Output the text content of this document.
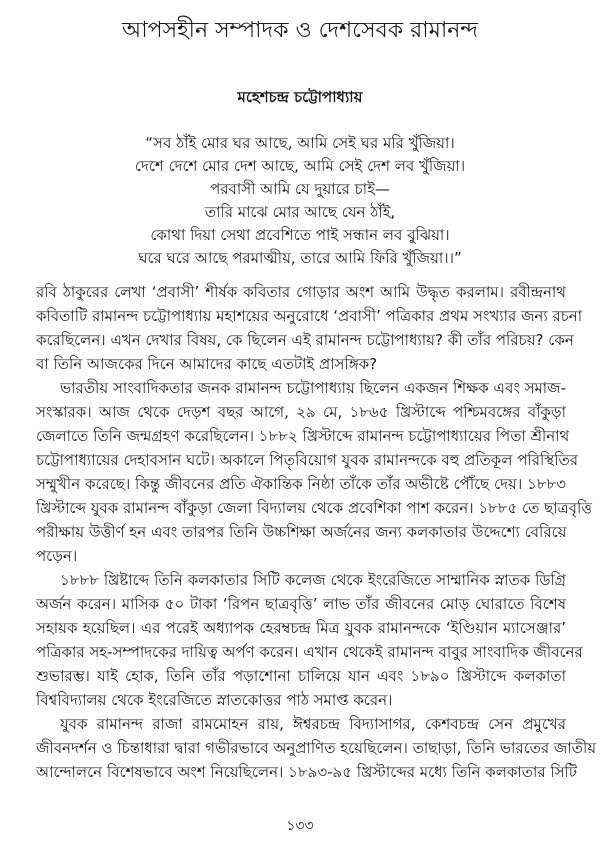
আপসহীন সম্পাদক ও দেশসেবক রামানন্দ
মহেশচন্দ্র চট্টোপাধ্যায়
“সব ঠাঁই মোর ঘর আছে, আমি সেই ঘর মরি খুঁজিয়া।
দেশে দেশে মোর দেশ আছে, আমি সেই দেশ লব খুঁজিয়া।
পরবাসী আমি যে দুয়ারে চাই—
তারি মাঝে মোর আছে যেন ঠাঁই,
কোথা দিয়া সেথা প্রবেশিতে পাই সন্ধান লব বুঝিয়া।
ঘরে ঘরে আছে পরমাত্মীয়, তারে আমি ফিরি খুঁজিয়া।।”
রবি ঠাকুরের লেখা ‘প্রবাসী’ শীর্ষক কবিতার গোড়ার অংশ আমি উদ্ধৃত করলাম। রবীন্দ্রনাথ
কবিতাটি রামানন্দ চট্টোপাধ্যায় মহাশয়ের অনুরোধে ‘প্রবাসী’ পত্রিকার প্রথম সংখ্যার জন্য রচনা
করেছিলেন। এখন দেখার বিষয়, কে ছিলেন এই রামানন্দ চট্টোপাধ্যায়? কী তাঁর পরিচয়? কেন
বা তিনি আজকের দিনে আমাদের কাছে এতটাই প্রাসঙ্গিক?
ভারতীয় সাংবাদিকতার জনক রামানন্দ চট্টোপাধ্যায় ছিলেন একজন শিক্ষক এবং সমাজ-
সংস্কারক। আজ থেকে দেড়শ বছর আগে, ২৯ মে, ১৮৬৫ খ্রিস্টাব্দে পশ্চিমবঙ্গের বাঁকুড়া
জেলাতে তিনি জন্মগ্রহণ করেছিলেন। ১৮৮২ খ্রিস্টাব্দে রামানন্দ চট্টোপাধ্যায়ের পিতা শ্রীনাথ
চট্টোপাধ্যায়ের দেহাবসান ঘটে। অকালে পিতৃবিয়োগ যুবক রামানন্দকে বহু প্রতিকূল পরিস্থিতির
সম্মুখীন করেছে। কিন্তু জীবনের প্রতি ঐকান্তিক নিষ্ঠা তাঁকে তাঁর অভীষ্টে পৌঁছে দেয়। ১৮৮৩
খ্রিস্টাব্দে যুবক রামানন্দ বাঁকুড়া জেলা বিদ্যালয় থেকে প্রবেশিকা পাশ করেন। ১৮৮৫ তে ছাত্রবৃত্তি
পরীক্ষায় উত্তীর্ণ হন এবং তারপর তিনি উচ্চশিক্ষা অর্জনের জন্য কলকাতার উদ্দেশ্যে বেরিয়ে
পড়েন।
১৮৮৮ খ্রিষ্টাব্দে তিনি কলকাতার সিটি কলেজ থেকে ইংরেজিতে সাম্মানিক স্নাতক ডিগ্রি
অর্জন করেন। মাসিক ৫০ টাকা ‘রিপন ছাত্রবৃত্তি’ লাভ তাঁর জীবনের মোড় ঘোরাতে বিশেষ
সহায়ক হয়েছিল। এর পরেই অধ্যাপক হেরম্বচন্দ্র মিত্র যুবক রামানন্দকে ‘ইণ্ডিয়ান ম্যাসেঞ্জার’
পত্রিকার সহ-সম্পাদকের দায়িত্ব অর্পণ করেন। এখান থেকেই রামানন্দ বাবুর সাংবাদিক জীবনের
শুভারম্ভ। যাই হোক, তিনি তাঁর পড়াশোনা চালিয়ে যান এবং ১৮৯০ খ্রিস্টাব্দে কলকাতা
বিশ্ববিদ্যালয় থেকে ইংরেজিতে স্নাতকোত্তর পাঠ সমাপ্ত করেন।
যুবক রামানন্দ রাজা রামমোহন রায়, ঈশ্বরচন্দ্র বিদ্যাসাগর, কেশবচন্দ্র সেন প্রমুখের
জীবনদর্শন ও চিন্তাধারা দ্বারা গভীরভাবে অনুপ্রাণিত হয়েছিলেন। তাছাড়া, তিনি ভারতের জাতীয়
আন্দোলনে বিশেষভাবে অংশ নিয়েছিলেন। ১৮৯৩-৯৫ খ্রিস্টাব্দের মধ্যে তিনি কলকাতার সিটি
১৩৩
